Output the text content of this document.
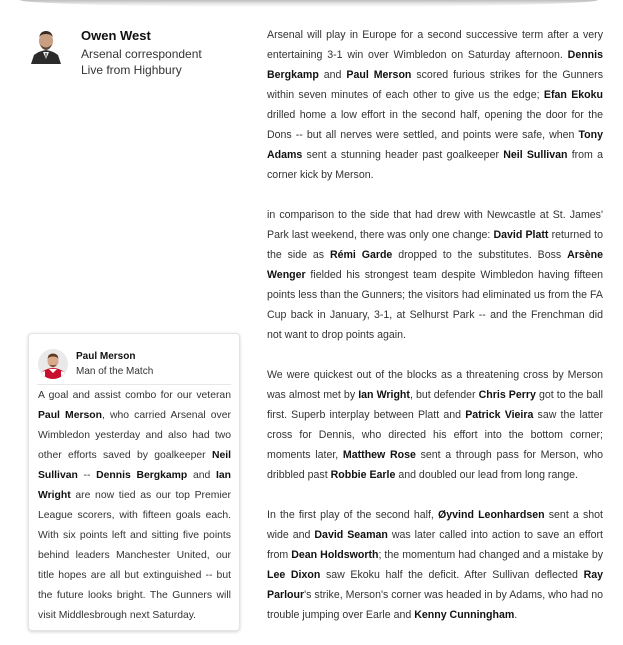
Owen West
Arsenal correspondent
Live from Highbury

Arsenal will play in Europe for a second successive term after a very entertaining 3-1 win over Wimbledon on Saturday afternoon. Dennis Bergkamp and Paul Merson scored furious strikes for the Gunners within seven minutes of each other to give us the edge; Efan Ekoku drilled home a low effort in the second half, opening the door for the Dons -- but all nerves were settled, and points were safe, when Tony Adams sent a stunning header past goalkeeper Neil Sullivan from a corner kick by Merson.

in comparison to the side that had drew with Newcastle at St. James' Park last weekend, there was only one change: David Platt returned to the side as Rémi Garde dropped to the substitutes. Boss Arsène Wenger fielded his strongest team despite Wimbledon having fifteen points less than the Gunners; the visitors had eliminated us from the FA Cup back in January, 3-1, at Selhurst Park -- and the Frenchman did not want to drop points again.

We were quickest out of the blocks as a threatening cross by Merson was almost met by Ian Wright, but defender Chris Perry got to the ball first. Superb interplay between Platt and Patrick Vieira saw the latter cross for Dennis, who directed his effort into the bottom corner; moments later, Matthew Rose sent a through pass for Merson, who dribbled past Robbie Earle and doubled our lead from long range.

In the first play of the second half, Øyvind Leonhardsen sent a shot wide and David Seaman was later called into action to save an effort from Dean Holdsworth; the momentum had changed and a mistake by Lee Dixon saw Ekoku half the deficit. After Sullivan deflected Ray Parlour's strike, Merson's corner was headed in by Adams, who had no trouble jumping over Earle and Kenny Cunningham.

Paul Merson
Man of the Match
A goal and assist combo for our veteran Paul Merson, who carried Arsenal over Wimbledon yesterday and also had two other efforts saved by goalkeeper Neil Sullivan -- Dennis Bergkamp and Ian Wright are now tied as our top Premier League scorers, with fifteen goals each. With six points left and sitting five points behind leaders Manchester United, our title hopes are all but extinguished -- but the future looks bright. The Gunners will visit Middlesbrough next Saturday.
